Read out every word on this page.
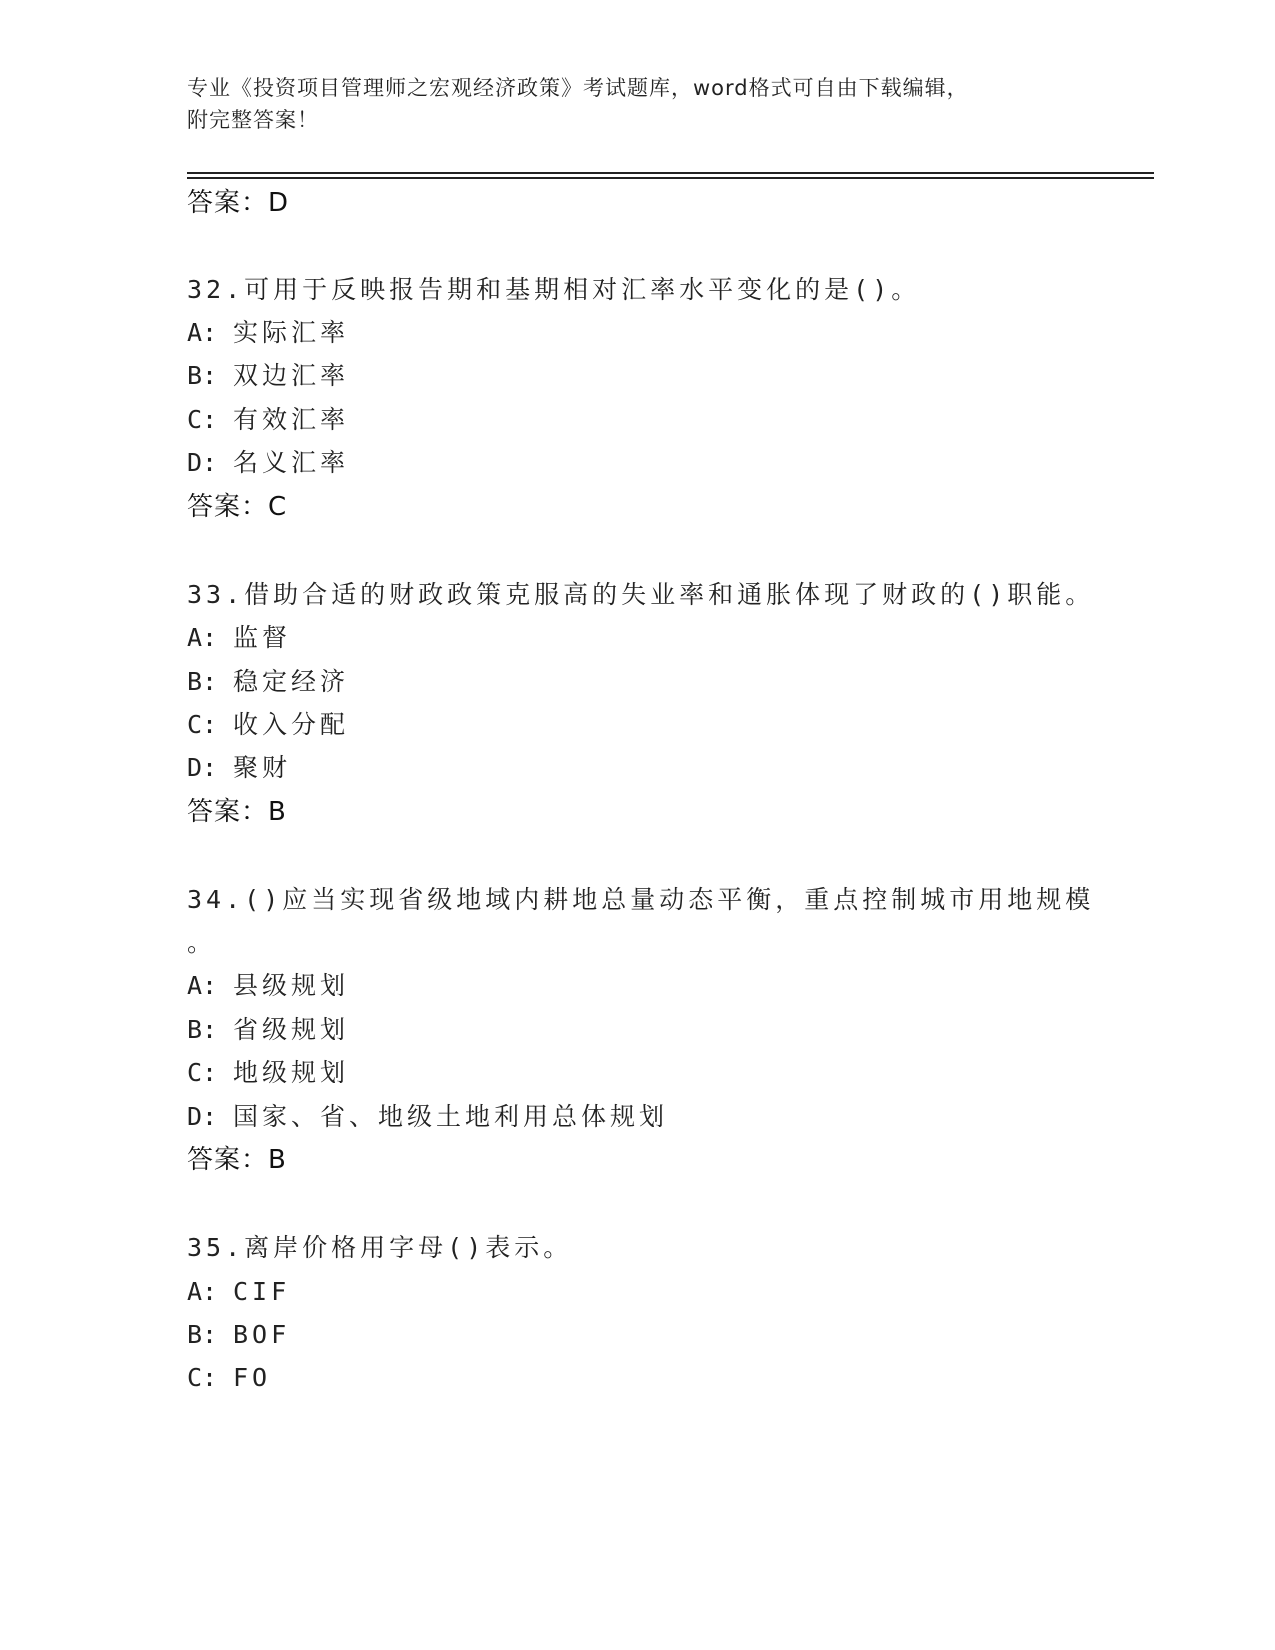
专业《投资项目管理师之宏观经济政策》考试题库，word格式可自由下载编辑，
附完整答案！
答案：D
32.可用于反映报告期和基期相对汇率水平变化的是()。
A: 实际汇率
B: 双边汇率
C: 有效汇率
D: 名义汇率
答案：C
33.借助合适的财政政策克服高的失业率和通胀体现了财政的()职能。
A: 监督
B: 稳定经济
C: 收入分配
D: 聚财
答案：B
34.()应当实现省级地域内耕地总量动态平衡，重点控制城市用地规模
。
A: 县级规划
B: 省级规划
C: 地级规划
D: 国家、省、地级土地利用总体规划
答案：B
35.离岸价格用字母()表示。
A: CIF
B: BOF
C: FO
